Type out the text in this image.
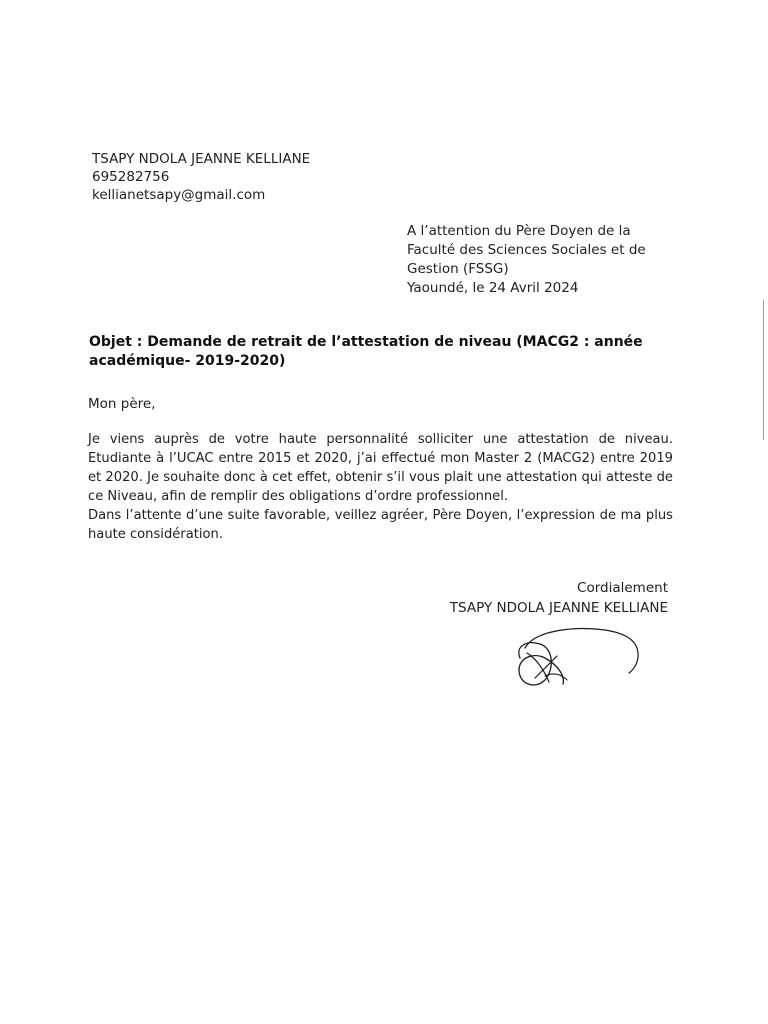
TSAPY NDOLA JEANNE KELLIANE
695282756
kellianetsapy@gmail.com
A l’attention du Père Doyen de la
Faculté des Sciences Sociales et de
Gestion (FSSG)
Yaoundé, le 24 Avril 2024
Objet : Demande de retrait de l’attestation de niveau (MACG2 : année académique- 2019-2020)
Mon père,

Je viens auprès de votre haute personnalité solliciter une attestation de niveau. Etudiante à l’UCAC entre 2015 et 2020, j’ai effectué mon Master 2 (MACG2) entre 2019 et 2020. Je souhaite donc à cet effet, obtenir s’il vous plait une attestation qui atteste de ce Niveau, afin de remplir des obligations d’ordre professionnel.

Dans l’attente d’une suite favorable, veillez agréer, Père Doyen, l’expression de ma plus haute considération.

Cordialement
TSAPY NDOLA JEANNE KELLIANE
